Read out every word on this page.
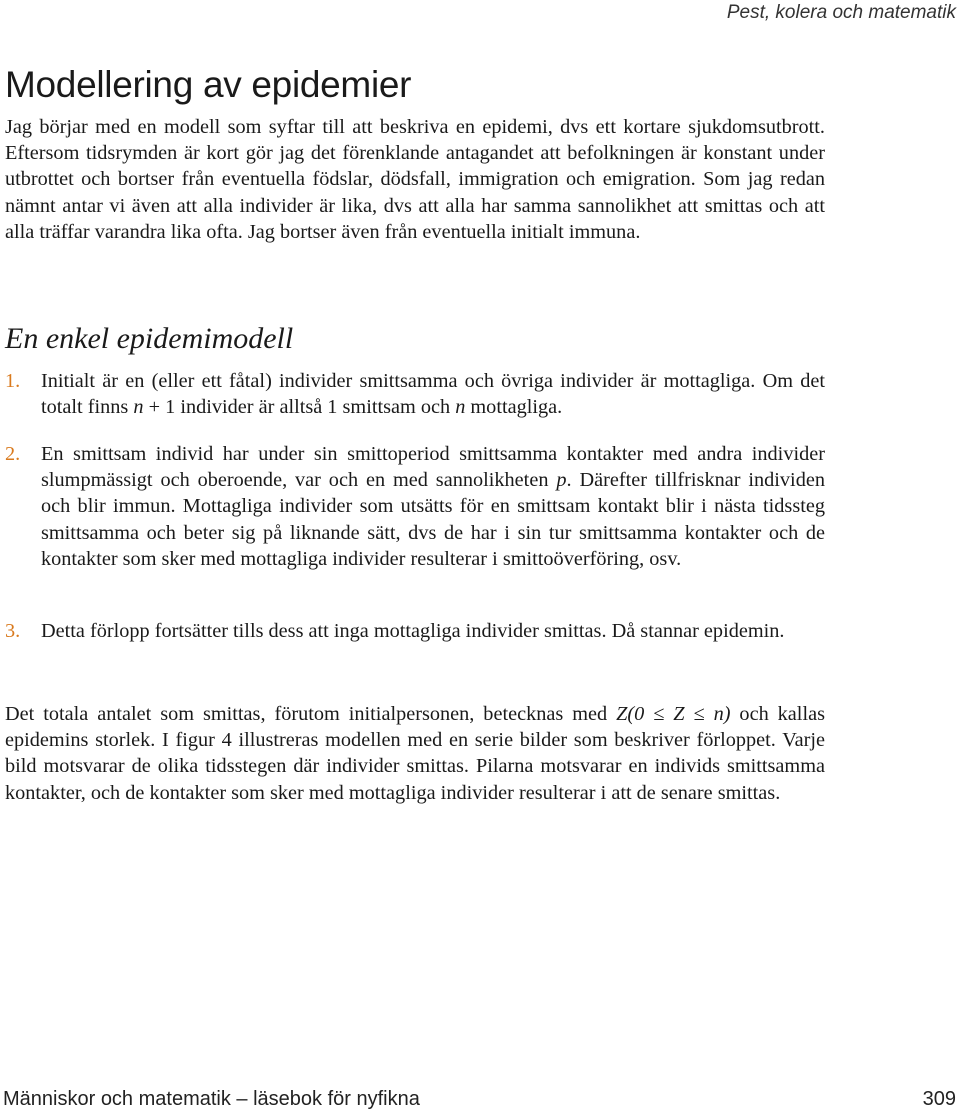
Pest, kolera och matematik
Modellering av epidemier

Jag börjar med en modell som syftar till att beskriva en epidemi, dvs ett kortare sjukdomsutbrott. Eftersom tidsrymden är kort gör jag det förenklande antagandet att befolkningen är konstant under utbrottet och bortser från eventuella födslar, dödsfall, immigration och emigration. Som jag redan nämnt antar vi även att alla individer är lika, dvs att alla har samma sannolikhet att smittas och att alla träffar varandra lika ofta. Jag bortser även från eventuella initialt immuna.

En enkel epidemimodell
1. Initialt är en (eller ett fåtal) individer smittsamma och övriga individer är mottagliga. Om det totalt finns n + 1 individer är alltså 1 smittsam och n mottagliga.

2. En smittsam individ har under sin smittoperiod smittsamma kontakter med andra individer slumpmässigt och oberoende, var och en med sannolikheten p. Därefter tillfrisknar individen och blir immun. Mottagliga individer som utsätts för en smittsam kontakt blir i nästa tidssteg smittsamma och beter sig på liknande sätt, dvs de har i sin tur smittsamma kontakter och de kontakter som sker med mottagliga individer resulterar i smittoöverföring, osv.

3. Detta förlopp fortsätter tills dess att inga mottagliga individer smittas. Då stannar epidemin.

Det totala antalet som smittas, förutom initialpersonen, betecknas med Z(0 ≤ Z ≤ n) och kallas epidemins storlek. I figur 4 illustreras modellen med en serie bilder som beskriver förloppet. Varje bild motsvarar de olika tidsstegen där individer smittas. Pilarna motsvarar en individs smittsamma kontakter, och de kontakter som sker med mottagliga individer resulterar i att de senare smittas.

Människor och matematik – läsebok för nyfikna	309
